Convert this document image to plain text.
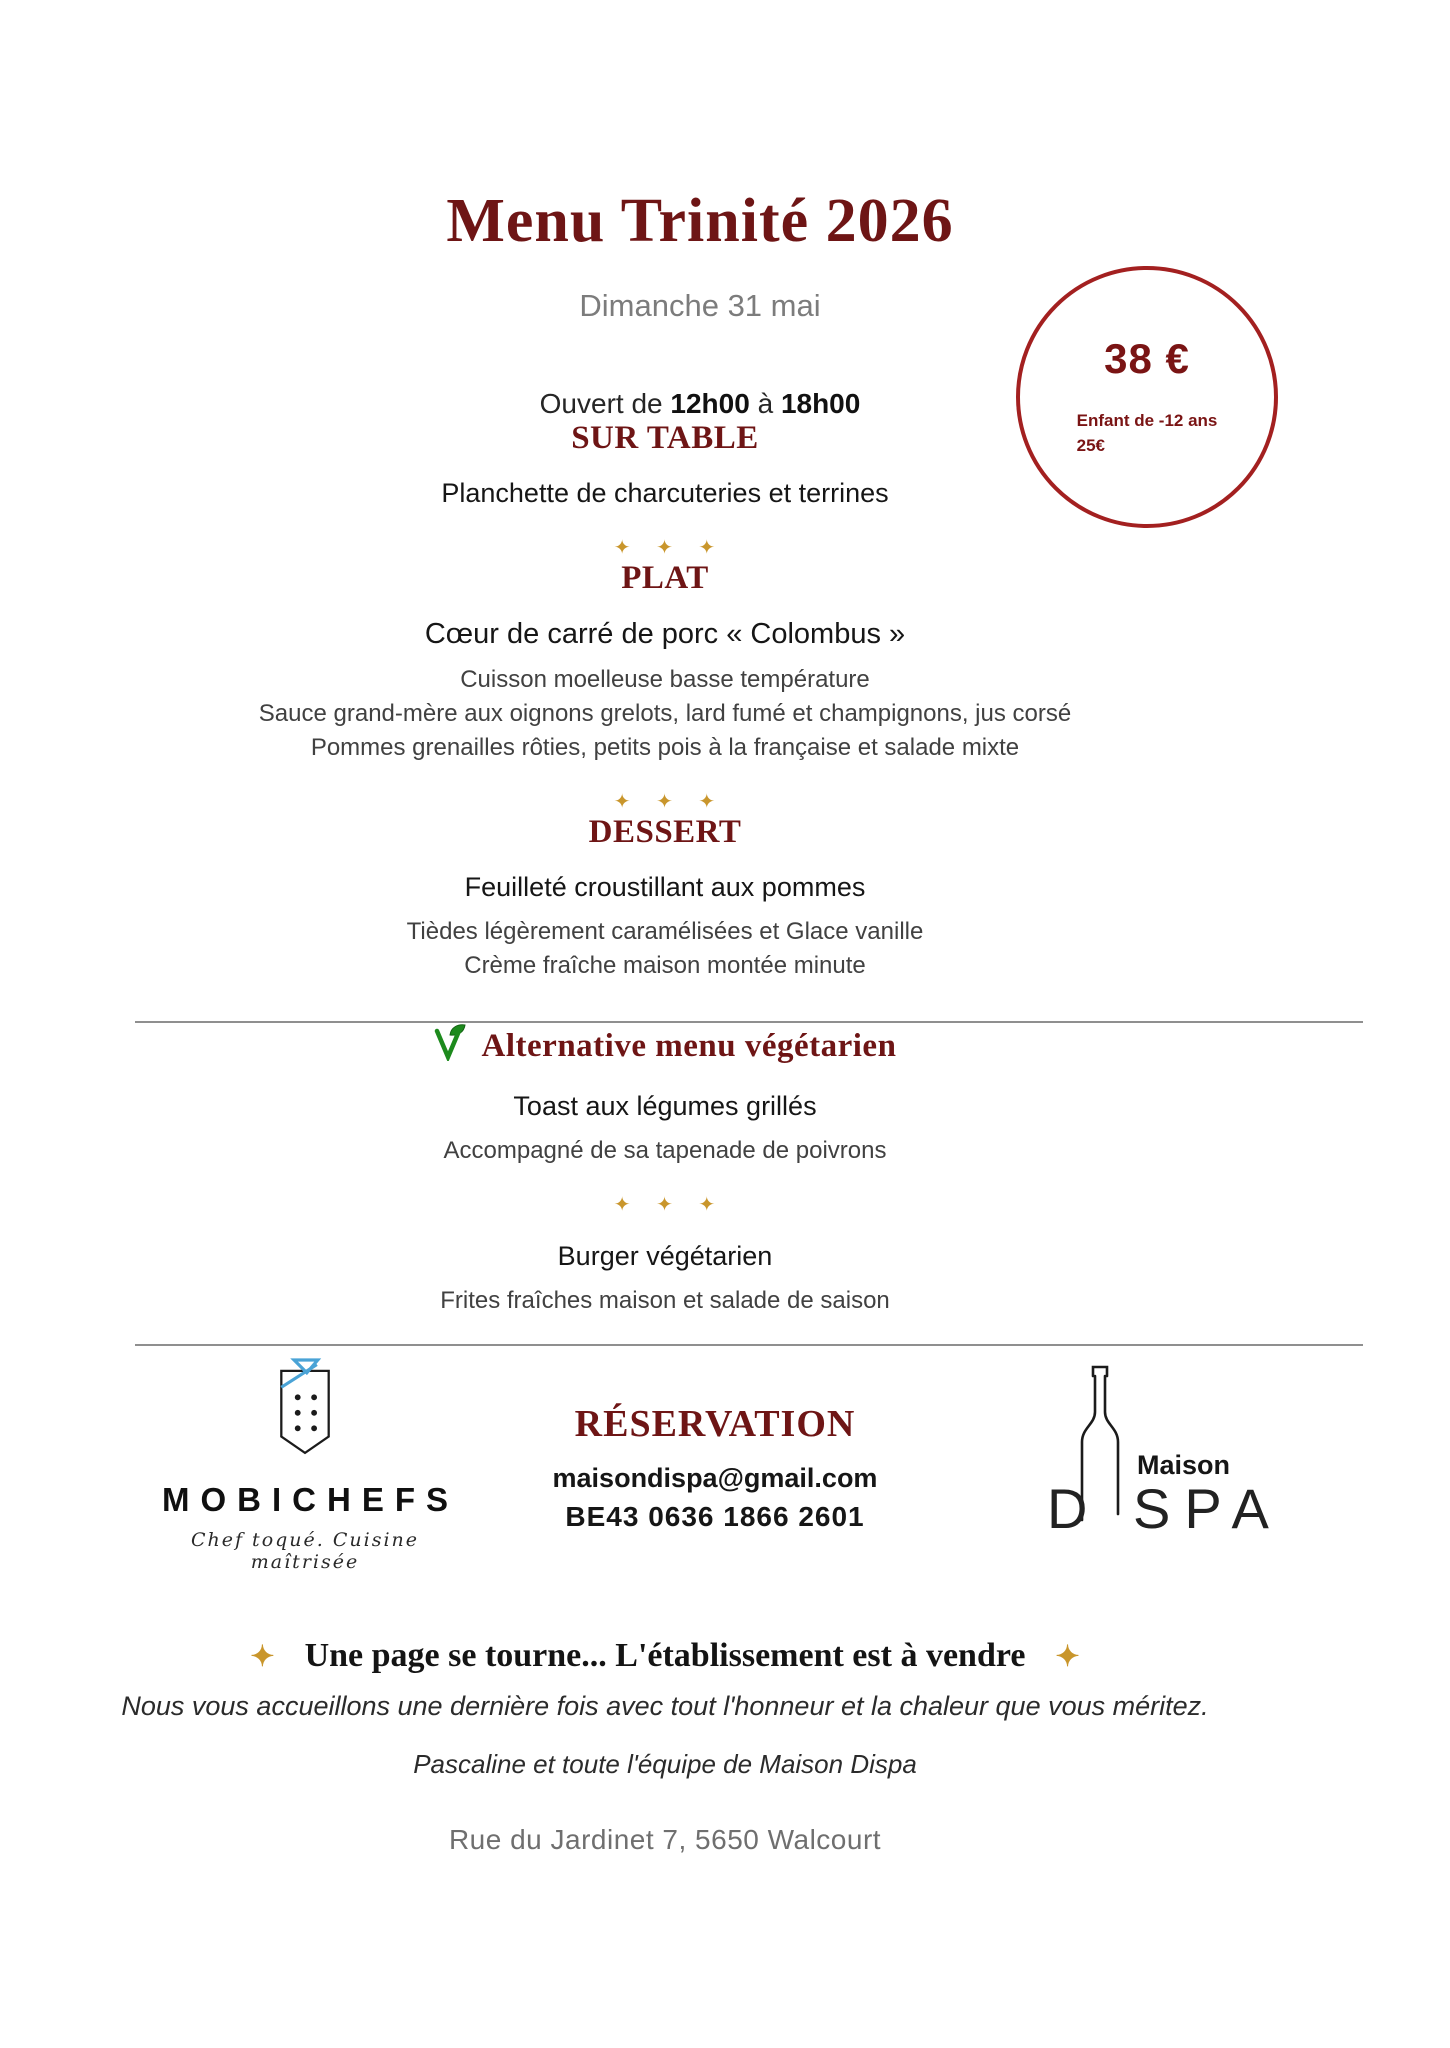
38 €
Enfant de -12 ans
25€
Menu Trinité 2026

Dimanche 31 mai

Ouvert de 12h00 à 18h00

SUR TABLE

Planchette de charcuteries et terrines

✦ ✦ ✦
PLAT

Cœur de carré de porc « Colombus »

Cuisson moelleuse basse température

Sauce grand-mère aux oignons grelots, lard fumé et champignons, jus corsé

Pommes grenailles rôties, petits pois à la française et salade mixte

✦ ✦ ✦
DESSERT

Feuilleté croustillant aux pommes

Tièdes légèrement caramélisées et Glace vanille

Crème fraîche maison montée minute

Alternative menu végétarien

Toast aux légumes grillés

Accompagné de sa tapenade de poivrons

✦ ✦ ✦

Burger végétarien

Frites fraîches maison et salade de saison

MOBICHEFS
Chef toqué. Cuisine maîtrisée
RÉSERVATION
maisondispa@gmail.com
BE43 0636 1866 2601
Maison
D SPA
✦ Une page se tourne... L'établissement est à vendre ✦

Nous vous accueillons une dernière fois avec tout l'honneur et la chaleur que vous méritez.

Pascaline et toute l'équipe de Maison Dispa

Rue du Jardinet 7, 5650 Walcourt
